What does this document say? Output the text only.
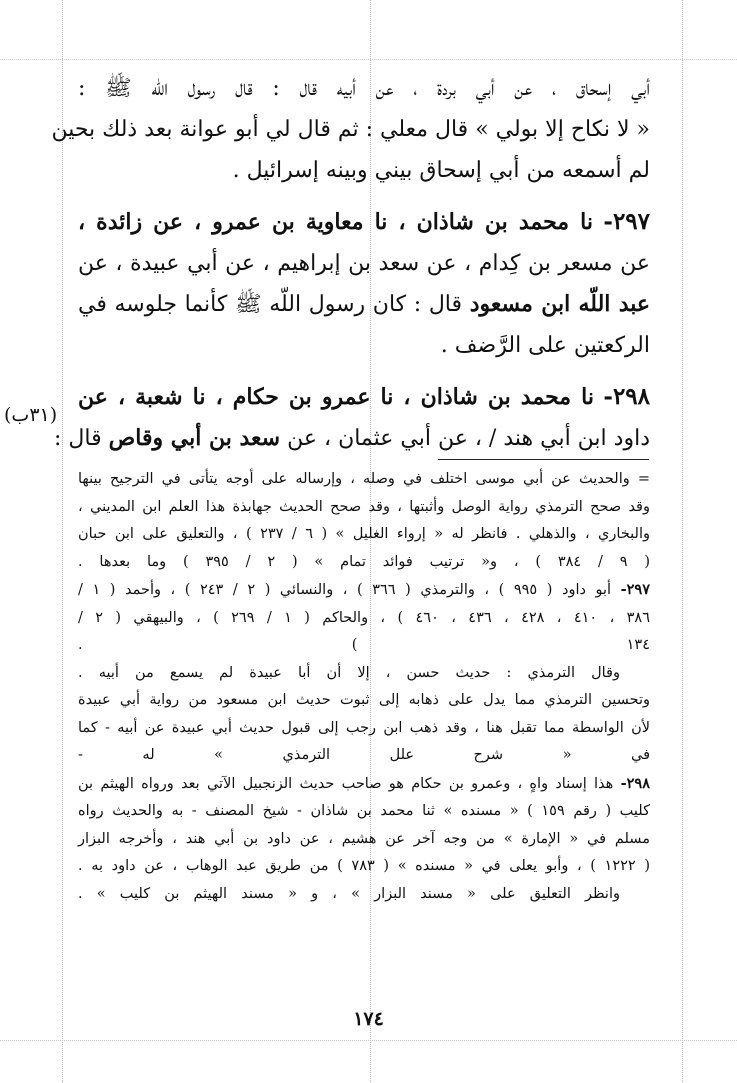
أبي إسحاق ، عن أبي بردة ، عن أبيه قال : قال رسول اللّه ﷺ :
« لا نكاح إلا بولي » قال معلي : ثم قال لي أبو عوانة بعد ذلك بحين
لم أسمعه من أبي إسحاق بيني وبينه إسرائيل .
٢٩٧- نا محمد بن شاذان ، نا معاوية بن عمرو ، عن زائدة ،
عن مسعر بن كِدام ، عن سعد بن إبراهيم ، عن أبي عبيدة ، عن
عبد اللّه ابن مسعود قال : كان رسول اللّه ﷺ كأنما جلوسه في
الركعتين على الرَّضف .
٢٩٨- نا محمد بن شاذان ، نا عمرو بن حكام ، نا شعبة ، عن
داود ابن أبي هند / ، عن أبي عثمان ، عن سعد بن أبي وقاص قال :
(٣١ب)
= والحديث عن أبي موسى اختلف في وصله ، وإرساله على أوجه يتأتى في الترجيح بينها
وقد صحح الترمذي رواية الوصل وأثبتها ، وقد صحح الحديث جهابذة هذا العلم ابن المديني ،
والبخاري ، والذهلي . فانظر له « إرواء الغليل » ( ٦ / ٢٣٧ ) ، والتعليق على ابن حبان
( ٩ / ٣٨٤ ) ، و« ترتيب فوائد تمام » ( ٢ / ٣٩٥ ) وما بعدها .
٢٩٧- أبو داود ( ٩٩٥ ) ، والترمذي ( ٣٦٦ ) ، والنسائي ( ٢ / ٢٤٣ ) ، وأحمد ( ١ /
٣٨٦ ، ٤١٠ ، ٤٢٨ ، ٤٣٦ ، ٤٦٠ ) ، والحاكم ( ١ / ٢٦٩ ) ، والبيهقي ( ٢ /
١٣٤ ) .
وقال الترمذي : حديث حسن ، إلا أن أبا عبيدة لم يسمع من أبيه .
وتحسين الترمذي مما يدل على ذهابه إلى ثبوت حديث ابن مسعود من رواية أبي عبيدة
لأن الواسطة مما تقبل هنا ، وقد ذهب ابن رجب إلى قبول حديث أبي عبيدة عن أبيه - كما
في « شرح علل الترمذي » له -
٢٩٨- هذا إسناد واهٍ ، وعمرو بن حكام هو صاحب حديث الزنجبيل الآتي بعد ورواه الهيثم بن
كليب ( رقم ١٥٩ ) « مسنده » ثنا محمد بن شاذان - شيخ المصنف - به والحديث رواه
مسلم في « الإمارة » من وجه آخر عن هشيم ، عن داود بن أبي هند ، وأخرجه البزار
( ١٢٢٢ ) ، وأبو يعلى في « مسنده » ( ٧٨٣ ) من طريق عبد الوهاب ، عن داود به .
وانظر التعليق على « مسند البزار » ، و « مسند الهيثم بن كليب » .
١٧٤
